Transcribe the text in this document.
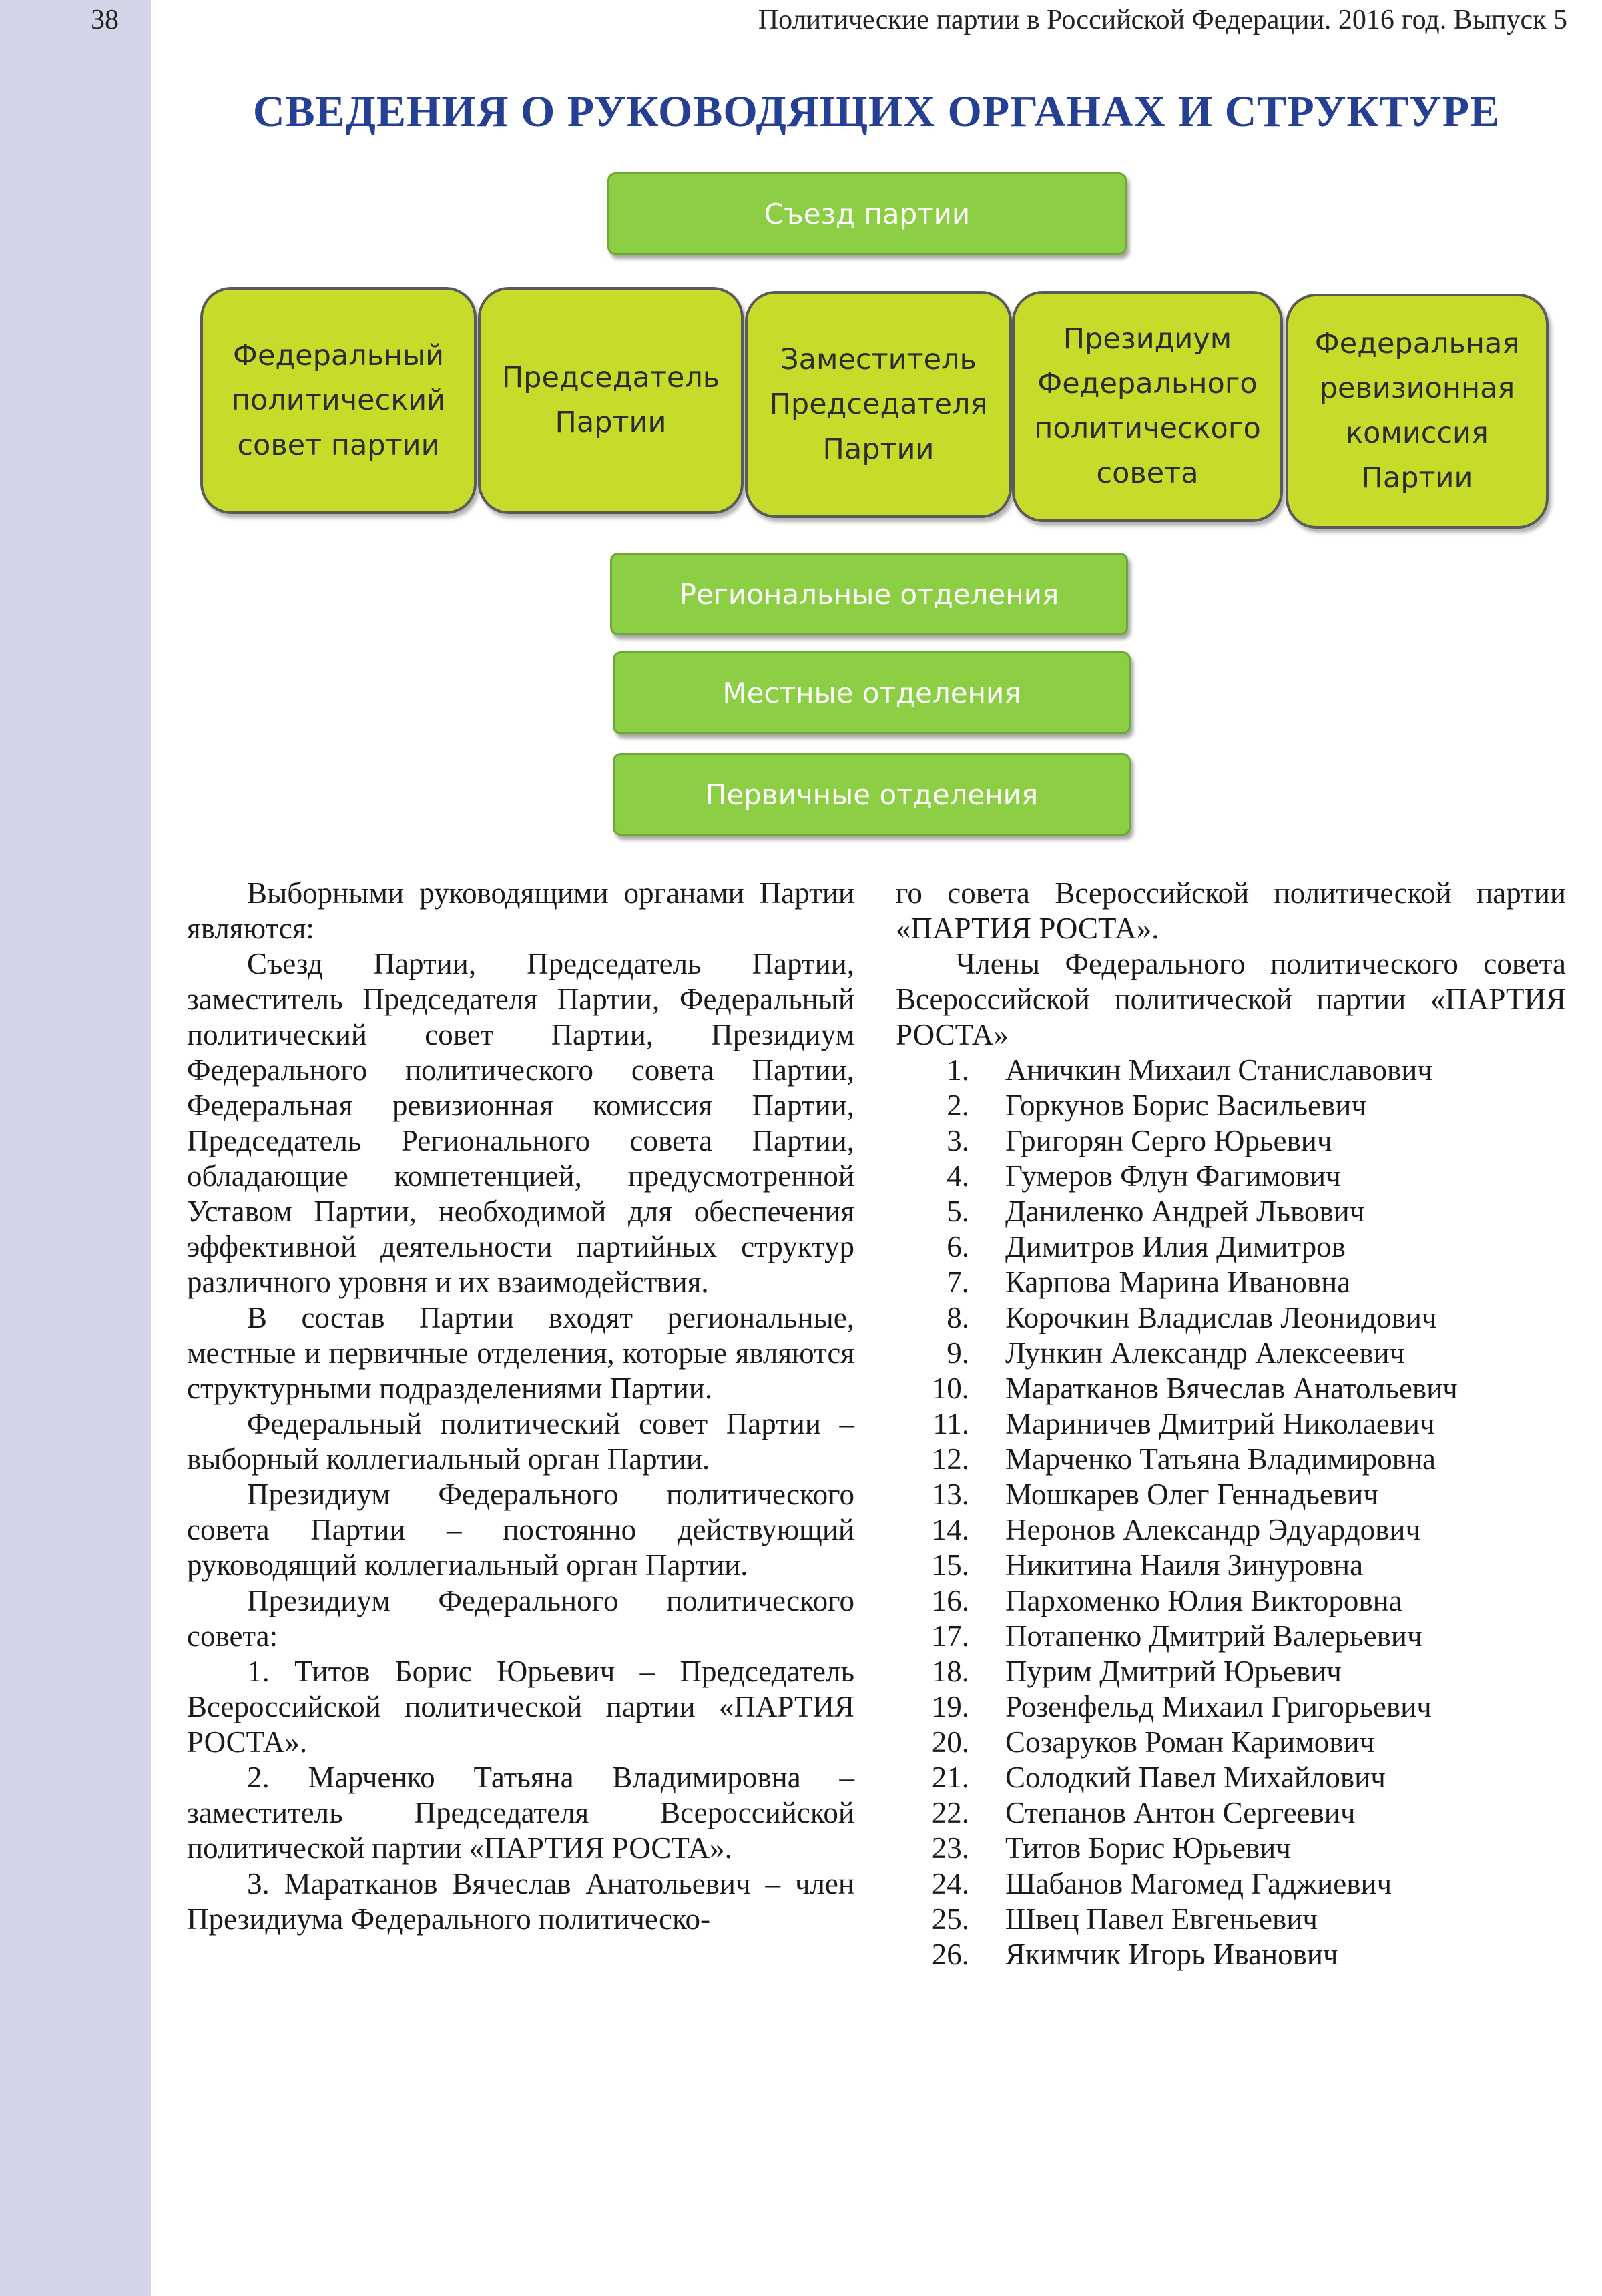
38	Политические партии в Российской Федерации. 2016 год. Выпуск 5
СВЕДЕНИЯ О РУКОВОДЯЩИХ ОРГАНАХ И СТРУКТУРЕ
Съезд партии
Федеральный политический совет партии
Председатель Партии
Заместитель Председателя Партии
Президиум Федерального политического совета
Федеральная ревизионная комиссия Партии
Региональные отделения
Местные отделения
Первичные отделения

Выборными руководящими органами Партии являются:

Съезд Партии, Председатель Партии, заместитель Председателя Партии, Федеральный политический совет Партии, Президиум Федерального политического совета Партии, Федеральная ревизионная комиссия Партии, Председатель Регионального совета Партии, обладающие компетенцией, предусмотренной Уставом Партии, необходимой для обеспечения эффективной деятельности партийных структур различного уровня и их взаимодействия.

В состав Партии входят региональные, местные и первичные отделения, которые являются структурными подразделениями Партии.

Федеральный политический совет Партии – выборный коллегиальный орган Партии.

Президиум Федерального политического совета Партии – постоянно действующий руководящий коллегиальный орган Партии.

Президиум Федерального политического совета:

1. Титов Борис Юрьевич – Председатель Всероссийской политической партии «ПАРТИЯ РОСТА».

2. Марченко Татьяна Владимировна – заместитель Председателя Всероссийской политической партии «ПАРТИЯ РОСТА».

3. Маратканов Вячеслав Анатольевич – член Президиума Федерального политическо-

го совета Всероссийской политической партии «ПАРТИЯ РОСТА».

Члены Федерального политического совета Всероссийской политической партии «ПАРТИЯ РОСТА»

1. Аничкин Михаил Станиславович
2. Горкунов Борис Васильевич
3. Григорян Серго Юрьевич
4. Гумеров Флун Фагимович
5. Даниленко Андрей Львович
6. Димитров Илия Димитров
7. Карпова Марина Ивановна
8. Корочкин Владислав Леонидович
9. Лункин Александр Алексеевич
10. Маратканов Вячеслав Анатольевич
11. Мариничев Дмитрий Николаевич
12. Марченко Татьяна Владимировна
13. Мошкарев Олег Геннадьевич
14. Неронов Александр Эдуардович
15. Никитина Наиля Зинуровна
16. Пархоменко Юлия Викторовна
17. Потапенко Дмитрий Валерьевич
18. Пурим Дмитрий Юрьевич
19. Розенфельд Михаил Григорьевич
20. Созаруков Роман Каримович
21. Солодкий Павел Михайлович
22. Степанов Антон Сергеевич
23. Титов Борис Юрьевич
24. Шабанов Магомед Гаджиевич
25. Швец Павел Евгеньевич
26. Якимчик Игорь Иванович
